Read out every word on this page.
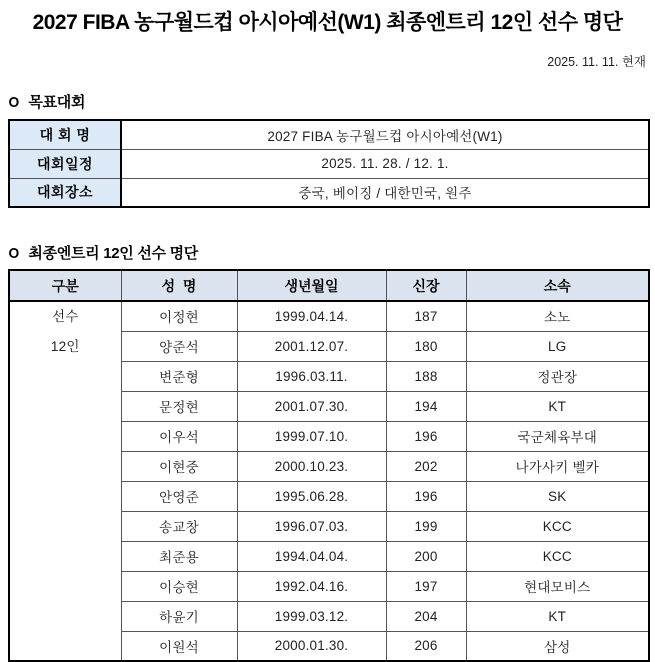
2027 FIBA 농구월드컵 아시아예선(W1) 최종엔트리 12인 선수 명단
2025. 11. 11. 현재
O 목표대회
대 회 명	2027 FIBA 농구월드컵 아시아예선(W1)
대회일정	2025. 11. 28. / 12. 1.
대회장소	중국, 베이징 / 대한민국, 원주
O 최종엔트리 12인 선수 명단
구분	성  명	생년월일	신장	소속

선수
12인	이정현	1999.04.14.	187	소노
	양준석	2001.12.07.	180	LG
	변준형	1996.03.11.	188	정관장
	문정현	2001.07.30.	194	KT
	이우석	1999.07.10.	196	국군체육부대
	이현중	2000.10.23.	202	나가사키 벨카
	안영준	1995.06.28.	196	SK
	송교창	1996.07.03.	199	KCC
	최준용	1994.04.04.	200	KCC
	이승현	1992.04.16.	197	현대모비스
	하윤기	1999.03.12.	204	KT
	이원석	2000.01.30.	206	삼성
